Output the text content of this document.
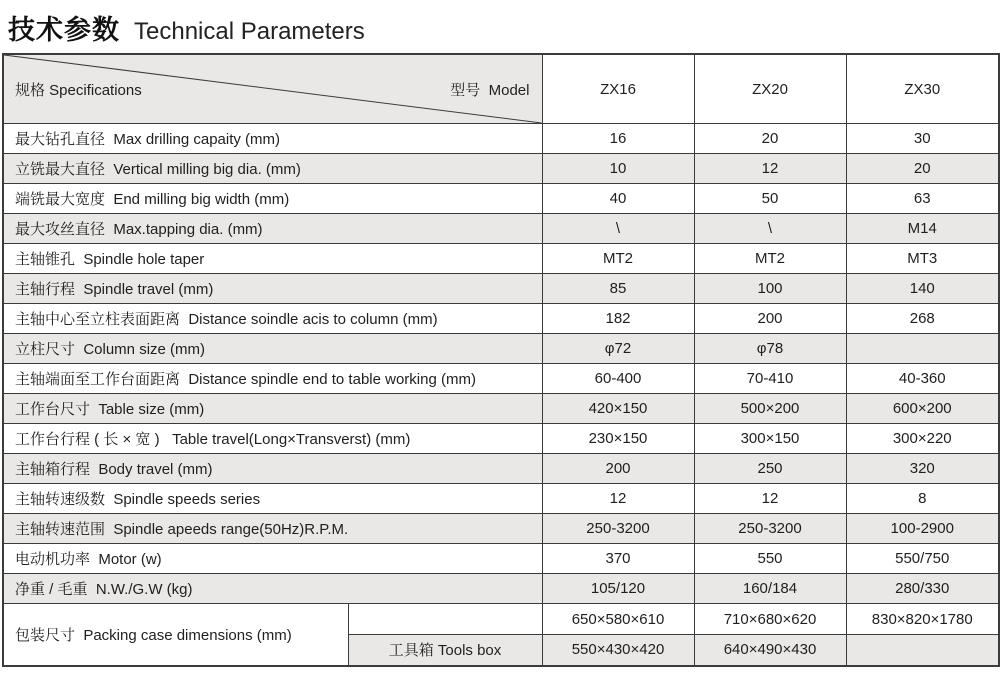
技术参数 Technical Parameters

规格 Specifications 型号  Model		ZX16	ZX20	ZX30
最大钻孔直径  Max drilling capaity (mm)		16	20	30
立铣最大直径  Vertical milling big dia. (mm)		10	12	20
端铣最大宽度  End milling big width (mm)		40	50	63
最大攻丝直径  Max.tapping dia. (mm)		\	\	M14
主轴锥孔  Spindle hole taper		MT2	MT2	MT3
主轴行程  Spindle travel (mm)		85	100	140
主轴中心至立柱表面距离  Distance soindle acis to column (mm)		182	200	268
立柱尺寸  Column size (mm)		φ72	φ78	
主轴端面至工作台面距离  Distance spindle end to table working (mm)		60-400	70-410	40-360
工作台尺寸  Table size (mm)		420×150	500×200	600×200
工作台行程 ( 长 × 宽 )   Table travel(Long×Transverst) (mm)		230×150	300×150	300×220
主轴箱行程  Body travel (mm)		200	250	320
主轴转速级数  Spindle speeds series		12	12	8
主轴转速范围  Spindle apeeds range(50Hz)R.P.M.		250-3200	250-3200	100-2900
电动机功率  Motor (w)		370	550	550/750
净重 / 毛重  N.W./G.W (kg)		105/120	160/184	280/330
包装尺寸  Packing case dimensions (mm)		650×580×610	710×680×620	830×820×1780
	工具箱 Tools box	550×430×420	640×490×430	
